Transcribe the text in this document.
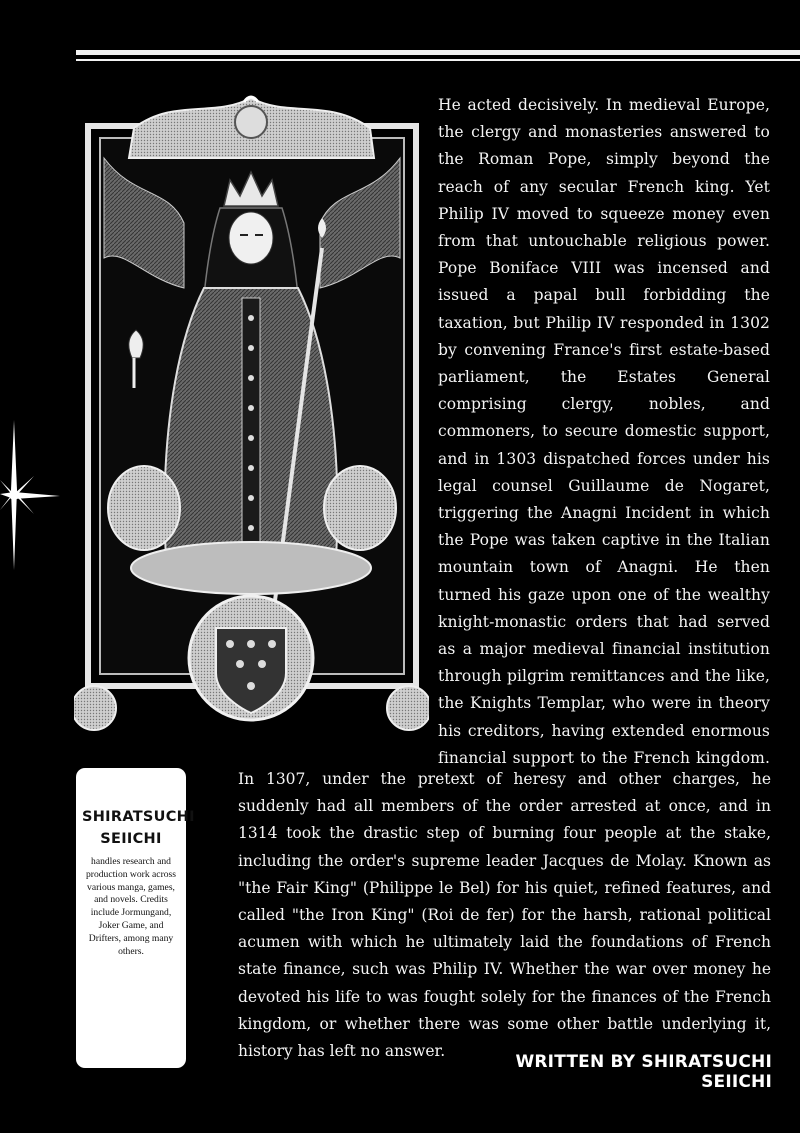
He acted decisively. In medieval Europe, the clergy and monasteries answered to the Roman Pope, simply beyond the reach of any secular French king. Yet Philip IV moved to squeeze money even from that untouchable religious power. Pope Boniface VIII was incensed and issued a papal bull forbidding the taxation, but Philip IV responded in 1302 by convening France's first estate-based parliament, the Estates General comprising clergy, nobles, and commoners, to secure domestic support, and in 1303 dispatched forces under his legal counsel Guillaume de Nogaret, triggering the Anagni Incident in which the Pope was taken captive in the Italian mountain town of Anagni. He then turned his gaze upon one of the wealthy knight-monastic orders that had served as a major medieval financial institution through pilgrim remittances and the like, the Knights Templar, who were in theory his creditors, having extended enormous financial support to the French kingdom.

In 1307, under the pretext of heresy and other charges, he suddenly had all members of the order arrested at once, and in 1314 took the drastic step of burning four people at the stake, including the order's supreme leader Jacques de Molay. Known as "the Fair King" (Philippe le Bel) for his quiet, refined features, and called "the Iron King" (Roi de fer) for the harsh, rational political acumen with which he ultimately laid the foundations of French state finance, such was Philip IV. Whether the war over money he devoted his life to was fought solely for the finances of the French kingdom, or whether there was some other battle underlying it, history has left no answer.

SHIRATSUCHI
SEIICHI

handles research and production work across various manga, games, and novels. Credits include Jormungand, Joker Game, and Drifters, among many others.

WRITTEN BY SHIRATSUCHI SEIICHI
